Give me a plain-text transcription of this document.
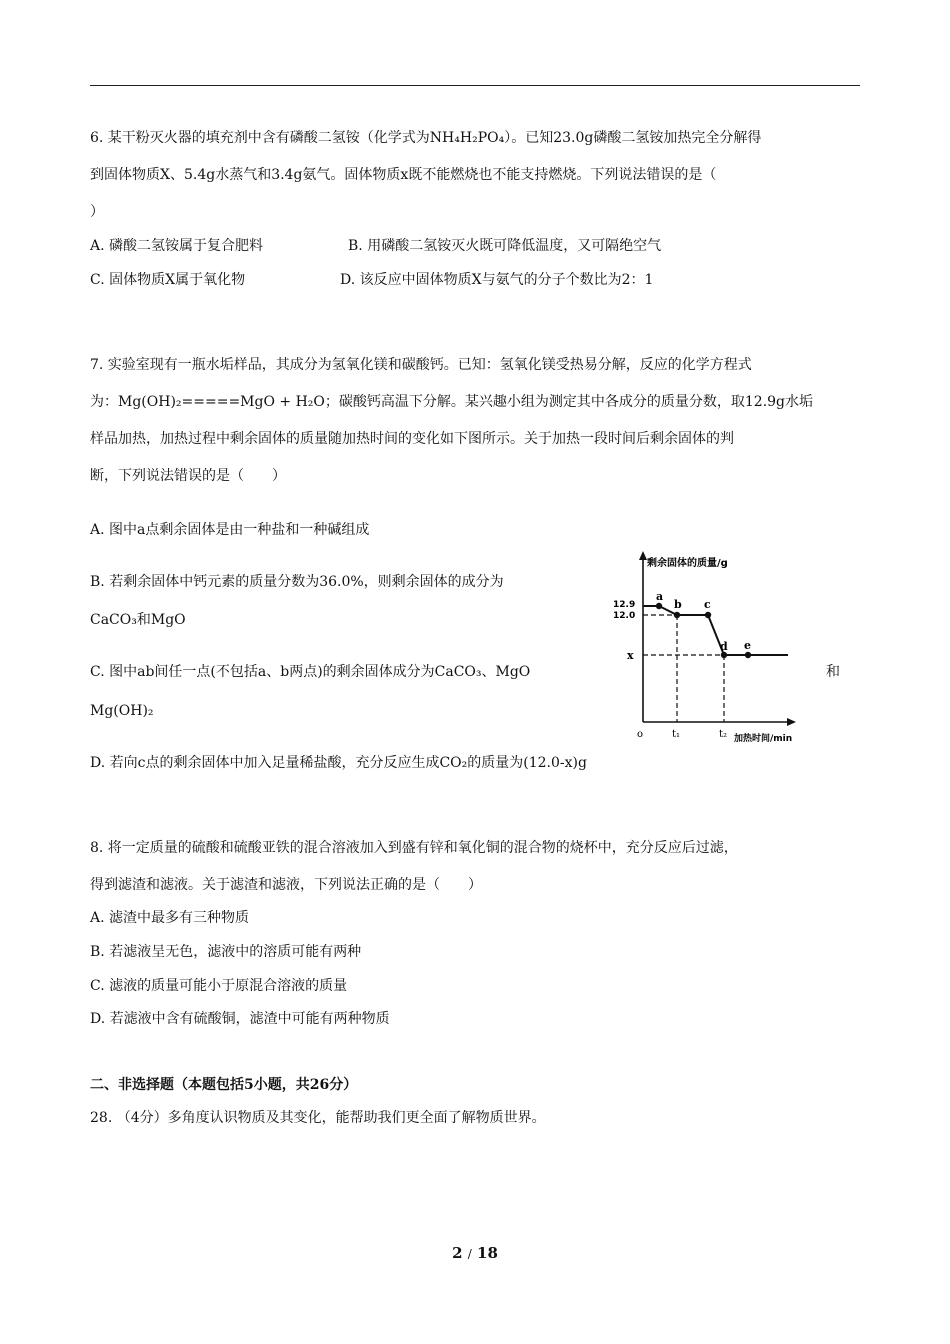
6. 某干粉灭火器的填充剂中含有磷酸二氢铵（化学式为NH₄H₂PO₄）。已知23.0g磷酸二氢铵加热完全分解得
到固体物质X、5.4g水蒸气和3.4g氨气。固体物质x既不能燃烧也不能支持燃烧。下列说法错误的是（
）
A. 磷酸二氢铵属于复合肥料	B. 用磷酸二氢铵灭火既可降低温度，又可隔绝空气
C. 固体物质X属于氧化物	D. 该反应中固体物质X与氨气的分子个数比为2：1
7. 实验室现有一瓶水垢样品，其成分为氢氧化镁和碳酸钙。已知：氢氧化镁受热易分解，反应的化学方程式
为：Mg(OH)₂=====MgO + H₂O；碳酸钙高温下分解。某兴趣小组为测定其中各成分的质量分数，取12.9g水垢
样品加热，加热过程中剩余固体的质量随加热时间的变化如下图所示。关于加热一段时间后剩余固体的判
断，下列说法错误的是（　　）
A. 图中a点剩余固体是由一种盐和一种碱组成
B. 若剩余固体中钙元素的质量分数为36.0%，则剩余固体的成分为
CaCO₃和MgO
C. 图中ab间任一点(不包括a、b两点)的剩余固体成分为CaCO₃、MgO	和
Mg(OH)₂
D. 若向c点的剩余固体中加入足量稀盐酸，充分反应生成CO₂的质量为(12.0-x)g
剩余固体的质量/g
加热时间/min
o
12.9
12.0
x
t₁	t₂
a
b c
d e
8. 将一定质量的硫酸和硫酸亚铁的混合溶液加入到盛有锌和氧化铜的混合物的烧杯中，充分反应后过滤，
得到滤渣和滤液。关于滤渣和滤液，下列说法正确的是（　　）
A. 滤渣中最多有三种物质
B. 若滤液呈无色，滤液中的溶质可能有两种
C. 滤液的质量可能小于原混合溶液的质量
D. 若滤液中含有硫酸铜，滤渣中可能有两种物质
二、非选择题（本题包括5小题，共26分）
28. （4分）多角度认识物质及其变化，能帮助我们更全面了解物质世界。
2 / 18
